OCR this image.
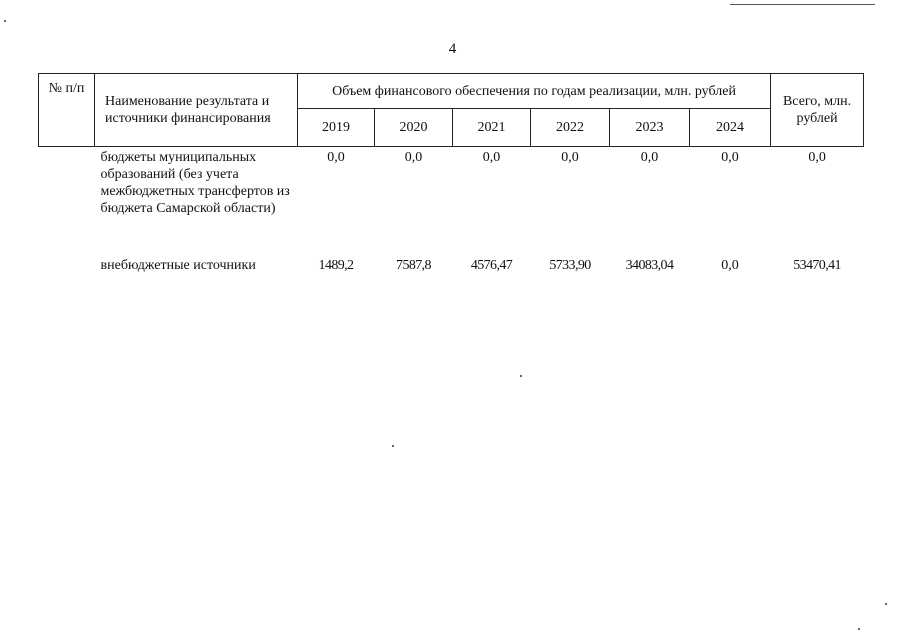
4
№ п/п	Наименование результата и источники финансирования	Объем финансового обеспечения по годам реализации, млн. рублей						Всего, млн. рублей
		2019	2020	2021	2022	2023	2024	
	бюджеты муниципальных образований (без учета межбюджетных трансфертов из бюджета Самарской области)	0,0	0,0	0,0	0,0	0,0	0,0	0,0
	внебюджетные источники	1489,2	7587,8	4576,47	5733,90	34083,04	0,0	53470,41
